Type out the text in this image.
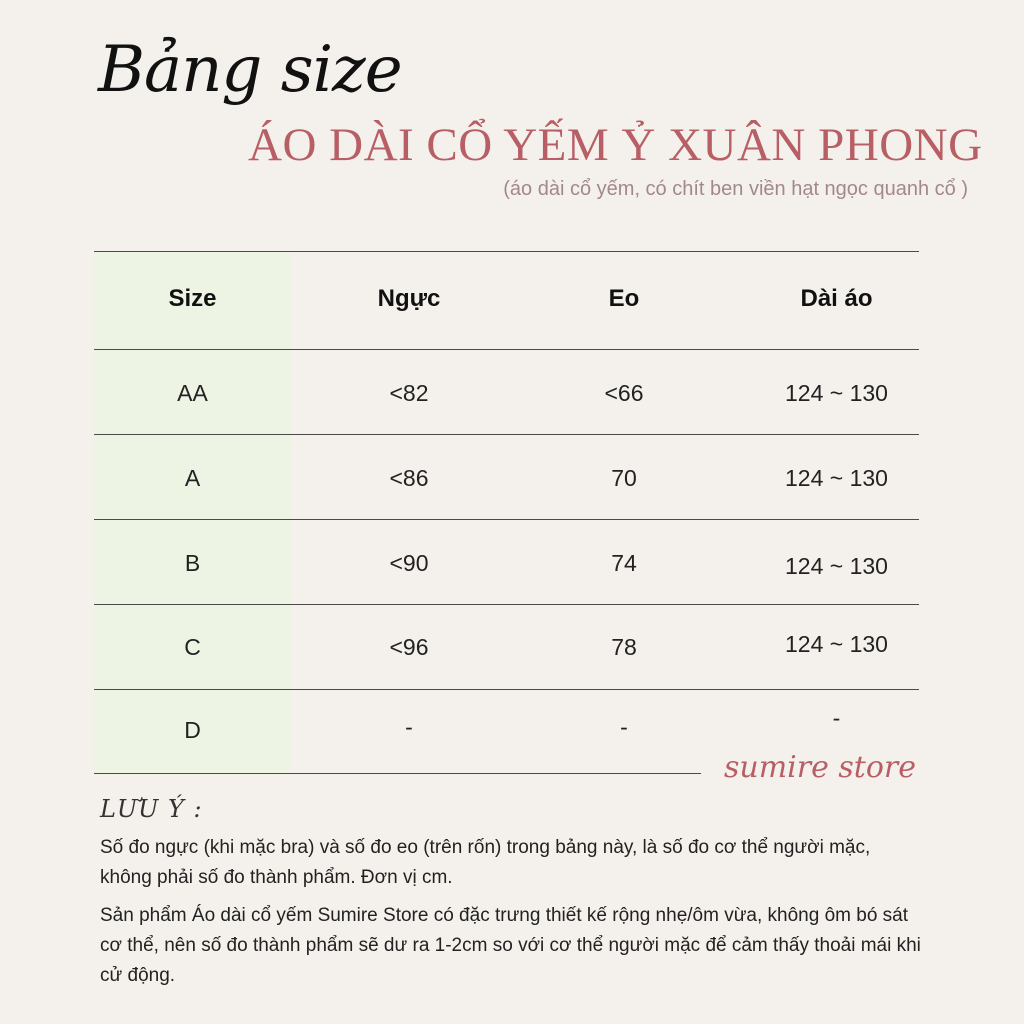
Bảng size
ÁO DÀI CỔ YẾM Ỷ XUÂN PHONG
(áo dài cổ yếm, có chít ben viền hạt ngọc quanh cổ )
Size	Ngực	Eo	Dài áo
AA	<82	<66	124 ~ 130
A	<86	70	124 ~ 130
B	<90	74	124 ~ 130
C	<96	78	124 ~ 130
D	-	-	-
sumire store
LƯU Ý :

Số đo ngực (khi mặc bra) và số đo eo (trên rốn) trong bảng này, là số đo cơ thể người mặc, không phải số đo thành phẩm. Đơn vị cm.

Sản phẩm Áo dài cổ yếm Sumire Store có đặc trưng thiết kế rộng nhẹ/ôm vừa, không ôm bó sát cơ thể, nên số đo thành phẩm sẽ dư ra 1-2cm so với cơ thể người mặc để cảm thấy thoải mái khi cử động.
